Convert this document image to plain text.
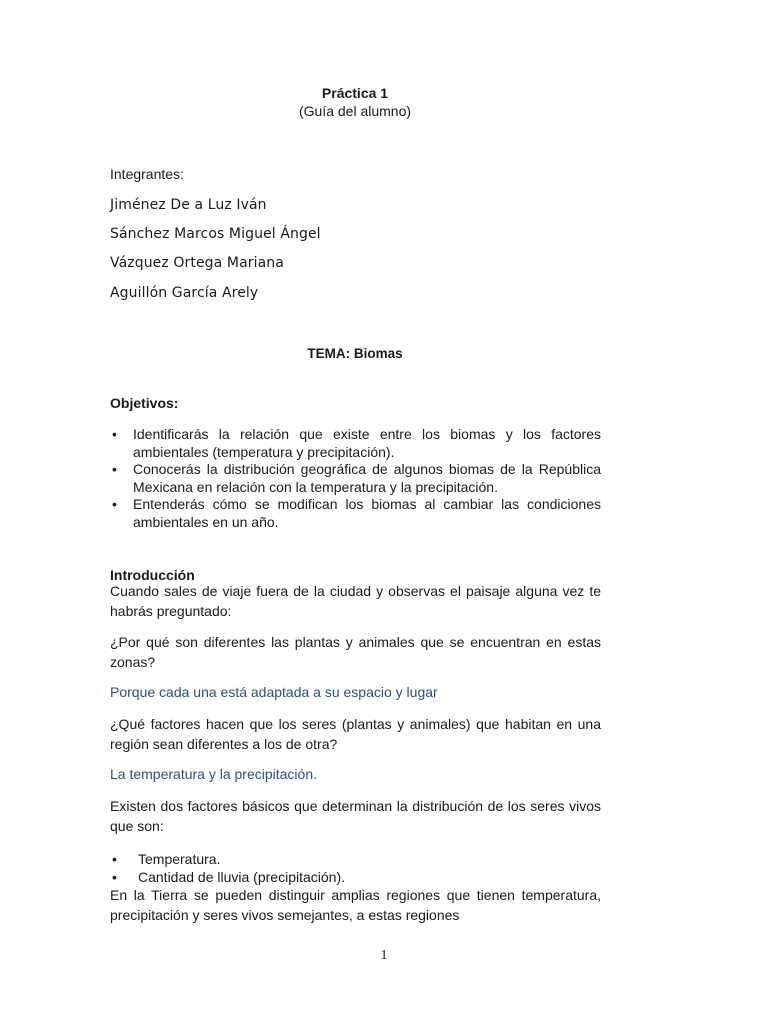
Práctica 1

(Guía del alumno)

Integrantes:

Jiménez De a Luz Iván

Sánchez Marcos Miguel Ángel

Vázquez Ortega Mariana

Aguillón García Arely

TEMA: Biomas

Objetivos:

• Identificarás la relación que existe entre los biomas y los factores ambientales (temperatura y precipitación).
• Conocerás la distribución geográfica de algunos biomas de la República Mexicana en relación con la temperatura y la precipitación.
• Entenderás cómo se modifican los biomas al cambiar las condiciones ambientales en un año.

Introducción

Cuando sales de viaje fuera de la ciudad y observas el paisaje alguna vez te habrás preguntado:

¿Por qué son diferentes las plantas y animales que se encuentran en estas zonas?

Porque cada una está adaptada a su espacio y lugar

¿Qué factores hacen que los seres (plantas y animales) que habitan en una región sean diferentes a los de otra?

La temperatura y la precipitación.

Existen dos factores básicos que determinan la distribución de los seres vivos que son:

• Temperatura.
• Cantidad de lluvia (precipitación).

En la Tierra se pueden distinguir amplias regiones que tienen temperatura, precipitación y seres vivos semejantes, a estas regiones

1
